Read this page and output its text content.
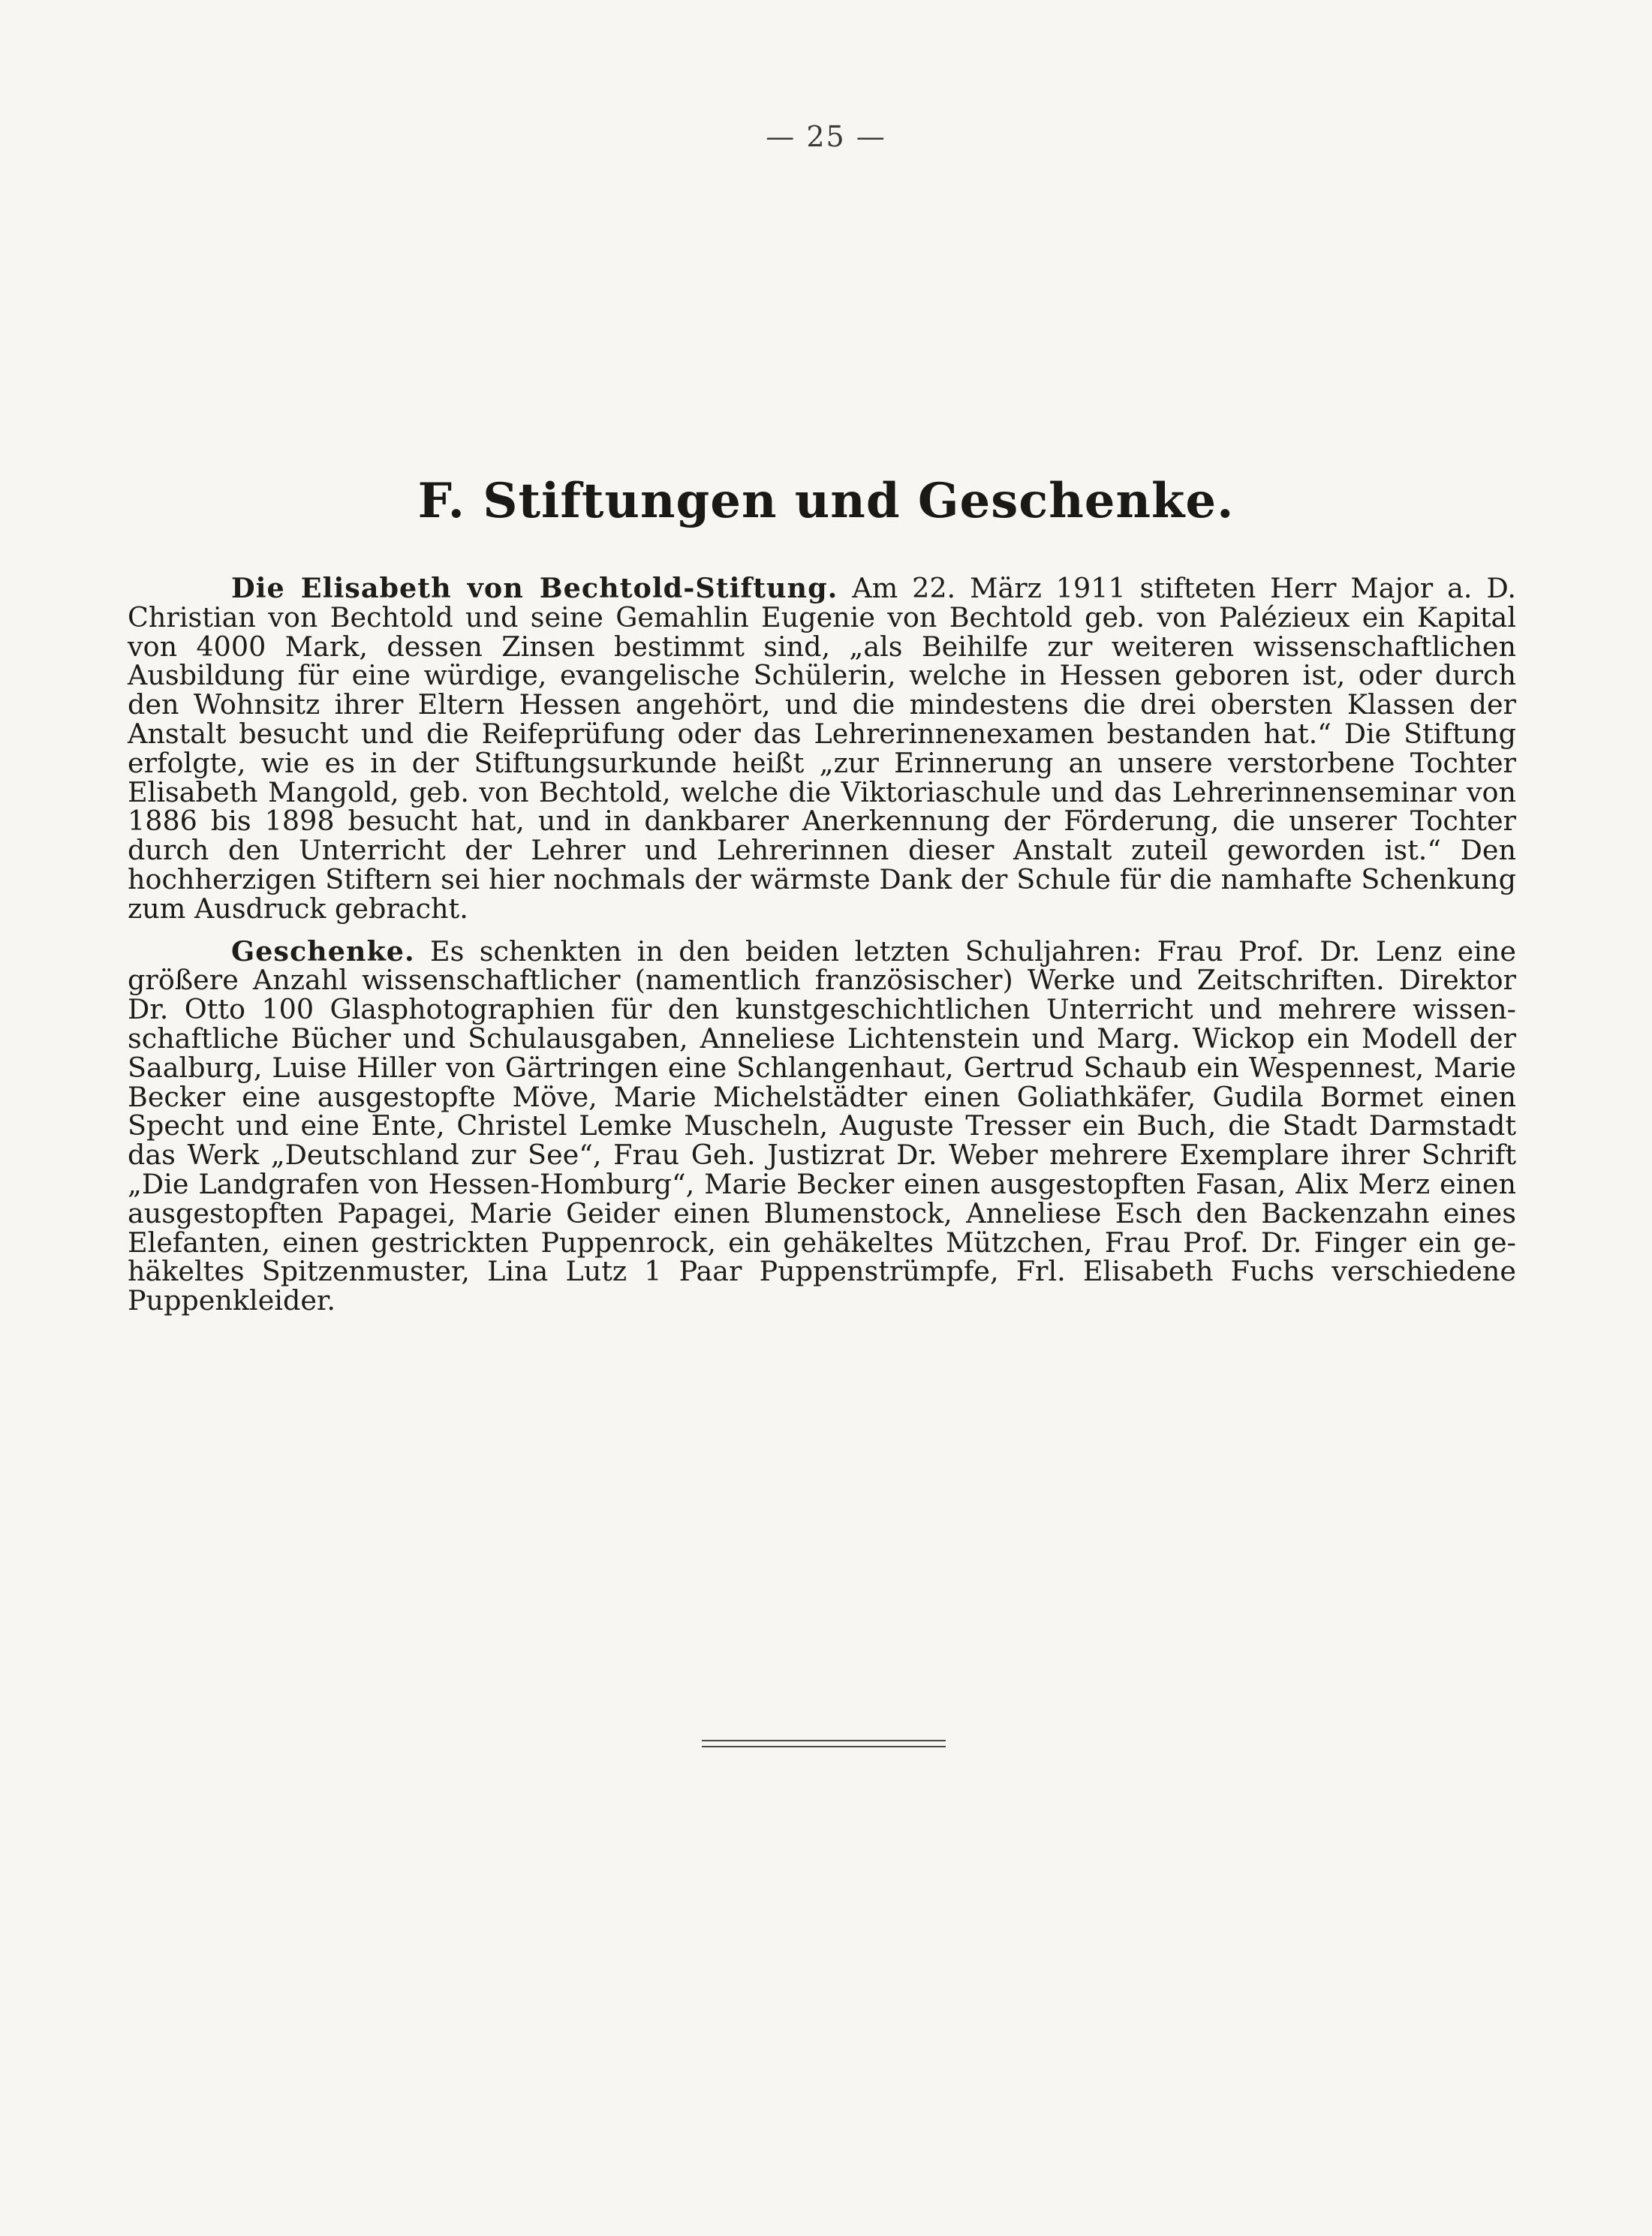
— 25 —
F. Stiftungen und Geschenke.

Die Elisabeth von Bechtold-Stiftung. Am 22. März 1911 stifteten Herr Major a. D. Christian von Bechtold und seine Gemahlin Eugenie von Bechtold geb. von Palézieux ein Kapital von 4000 Mark, dessen Zinsen bestimmt sind, „als Beihilfe zur weiteren wissenschaftlichen Ausbildung für eine würdige, evangelische Schülerin, welche in Hessen geboren ist, oder durch den Wohnsitz ihrer Eltern Hessen angehört, und die mindestens die drei obersten Klassen der Anstalt besucht und die Reifeprüfung oder das Lehrerinnenexamen bestanden hat.“ Die Stiftung erfolgte, wie es in der Stiftungsurkunde heißt „zur Erinnerung an unsere verstorbene Tochter Elisabeth Mangold, geb. von Bechtold, welche die Viktoriaschule und das Lehrerinnenseminar von 1886 bis 1898 besucht hat, und in dankbarer Anerkennung der Förderung, die unserer Tochter durch den Unterricht der Lehrer und Lehrerinnen dieser Anstalt zuteil geworden ist.“ Den hochherzigen Stiftern sei hier nochmals der wärmste Dank der Schule für die namhafte Schenkung zum Ausdruck gebracht.

Geschenke. Es schenkten in den beiden letzten Schuljahren: Frau Prof. Dr. Lenz eine größere Anzahl wissenschaftlicher (namentlich französischer) Werke und Zeitschriften. Direktor Dr. Otto 100 Glasphotographien für den kunstgeschichtlichen Unterricht und mehrere wissenschaftliche Bücher und Schulausgaben, Anneliese Lichtenstein und Marg. Wickop ein Modell der Saalburg, Luise Hiller von Gärtringen eine Schlangenhaut, Gertrud Schaub ein Wespennest, Marie Becker eine ausgestopfte Möve, Marie Michelstädter einen Goliathkäfer, Gudila Bormet einen Specht und eine Ente, Christel Lemke Muscheln, Auguste Tresser ein Buch, die Stadt Darmstadt das Werk „Deutschland zur See“, Frau Geh. Justizrat Dr. Weber mehrere Exemplare ihrer Schrift „Die Landgrafen von Hessen-Homburg“, Marie Becker einen ausgestopften Fasan, Alix Merz einen ausgestopften Papagei, Marie Geider einen Blumenstock, Anneliese Esch den Backenzahn eines Elefanten, einen gestrickten Puppenrock, ein gehäkeltes Mützchen, Frau Prof. Dr. Finger ein gehäkeltes Spitzenmuster, Lina Lutz 1 Paar Puppenstrümpfe, Frl. Elisabeth Fuchs verschiedene Puppenkleider.
